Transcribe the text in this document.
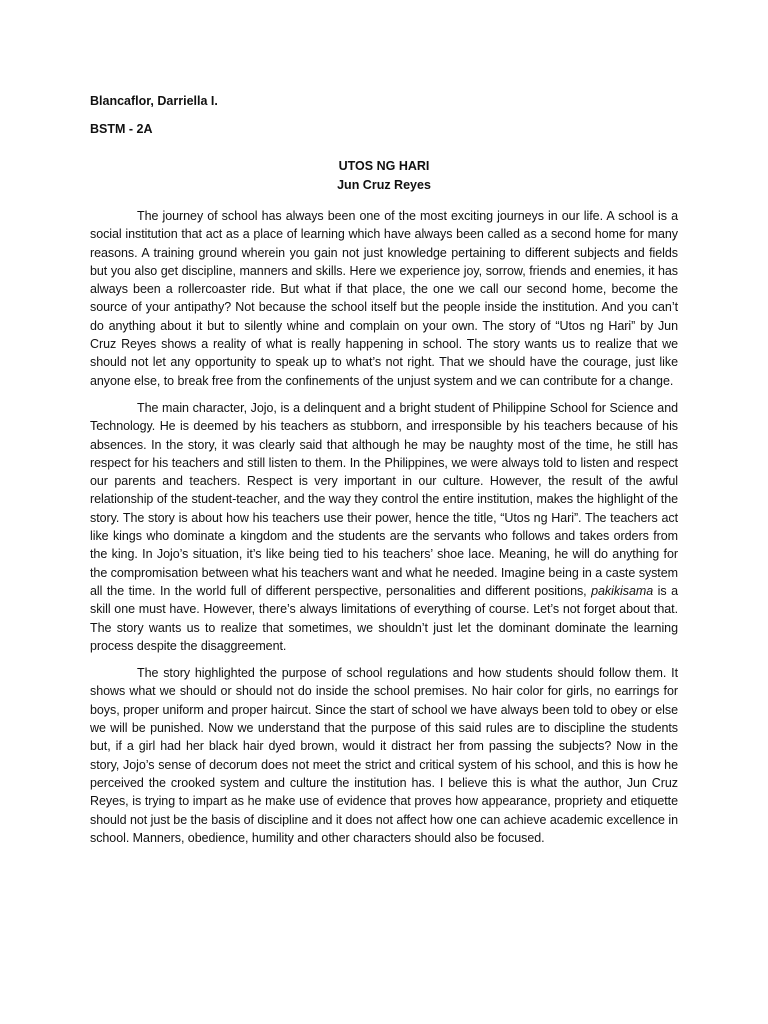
Blancaflor, Darriella I.

BSTM - 2A

UTOS NG HARI
Jun Cruz Reyes

The journey of school has always been one of the most exciting journeys in our life. A school is a social institution that act as a place of learning which have always been called as a second home for many reasons. A training ground wherein you gain not just knowledge pertaining to different subjects and fields but you also get discipline, manners and skills. Here we experience joy, sorrow, friends and enemies, it has always been a rollercoaster ride. But what if that place, the one we call our second home, become the source of your antipathy? Not because the school itself but the people inside the institution. And you can’t do anything about it but to silently whine and complain on your own. The story of “Utos ng Hari” by Jun Cruz Reyes shows a reality of what is really happening in school. The story wants us to realize that we should not let any opportunity to speak up to what’s not right. That we should have the courage, just like anyone else, to break free from the confinements of the unjust system and we can contribute for a change.

The main character, Jojo, is a delinquent and a bright student of Philippine School for Science and Technology. He is deemed by his teachers as stubborn, and irresponsible by his teachers because of his absences. In the story, it was clearly said that although he may be naughty most of the time, he still has respect for his teachers and still listen to them. In the Philippines, we were always told to listen and respect our parents and teachers. Respect is very important in our culture. However, the result of the awful relationship of the student-teacher, and the way they control the entire institution, makes the highlight of the story. The story is about how his teachers use their power, hence the title, “Utos ng Hari”. The teachers act like kings who dominate a kingdom and the students are the servants who follows and takes orders from the king. In Jojo’s situation, it’s like being tied to his teachers’ shoe lace. Meaning, he will do anything for the compromisation between what his teachers want and what he needed. Imagine being in a caste system all the time. In the world full of different perspective, personalities and different positions, pakikisama is a skill one must have. However, there’s always limitations of everything of course. Let’s not forget about that. The story wants us to realize that sometimes, we shouldn’t just let the dominant dominate the learning process despite the disaggreement.

The story highlighted the purpose of school regulations and how students should follow them. It shows what we should or should not do inside the school premises. No hair color for girls, no earrings for boys, proper uniform and proper haircut. Since the start of school we have always been told to obey or else we will be punished. Now we understand that the purpose of this said rules are to discipline the students but, if a girl had her black hair dyed brown, would it distract her from passing the subjects? Now in the story, Jojo’s sense of decorum does not meet the strict and critical system of his school, and this is how he perceived the crooked system and culture the institution has. I believe this is what the author, Jun Cruz Reyes, is trying to impart as he make use of evidence that proves how appearance, propriety and etiquette should not just be the basis of discipline and it does not affect how one can achieve academic excellence in school. Manners, obedience, humility and other characters should also be focused.
